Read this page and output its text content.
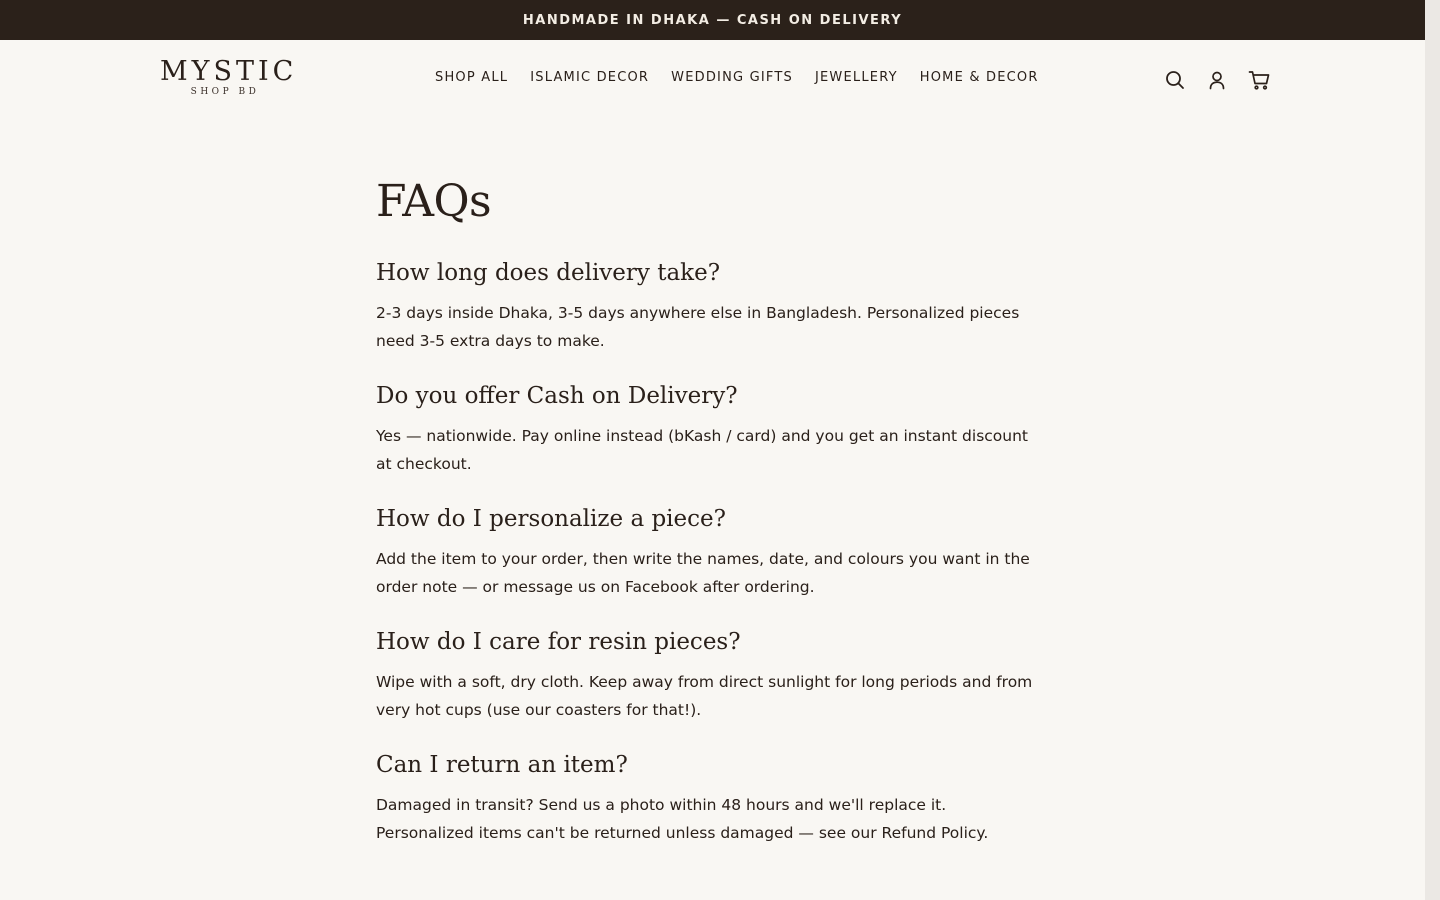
HANDMADE IN DHAKA — CASH ON DELIVERY
MYSTIC
SHOP BD
SHOP ALL ISLAMIC DECOR WEDDING GIFTS JEWELLERY HOME & DECOR
FAQs
How long does delivery take?

2-3 days inside Dhaka, 3-5 days anywhere else in Bangladesh. Personalized pieces need 3-5 extra days to make.

Do you offer Cash on Delivery?

Yes — nationwide. Pay online instead (bKash / card) and you get an instant discount at checkout.

How do I personalize a piece?

Add the item to your order, then write the names, date, and colours you want in the order note — or message us on Facebook after ordering.

How do I care for resin pieces?

Wipe with a soft, dry cloth. Keep away from direct sunlight for long periods and from very hot cups (use our coasters for that!).

Can I return an item?

Damaged in transit? Send us a photo within 48 hours and we'll replace it. Personalized items can't be returned unless damaged — see our Refund Policy.
